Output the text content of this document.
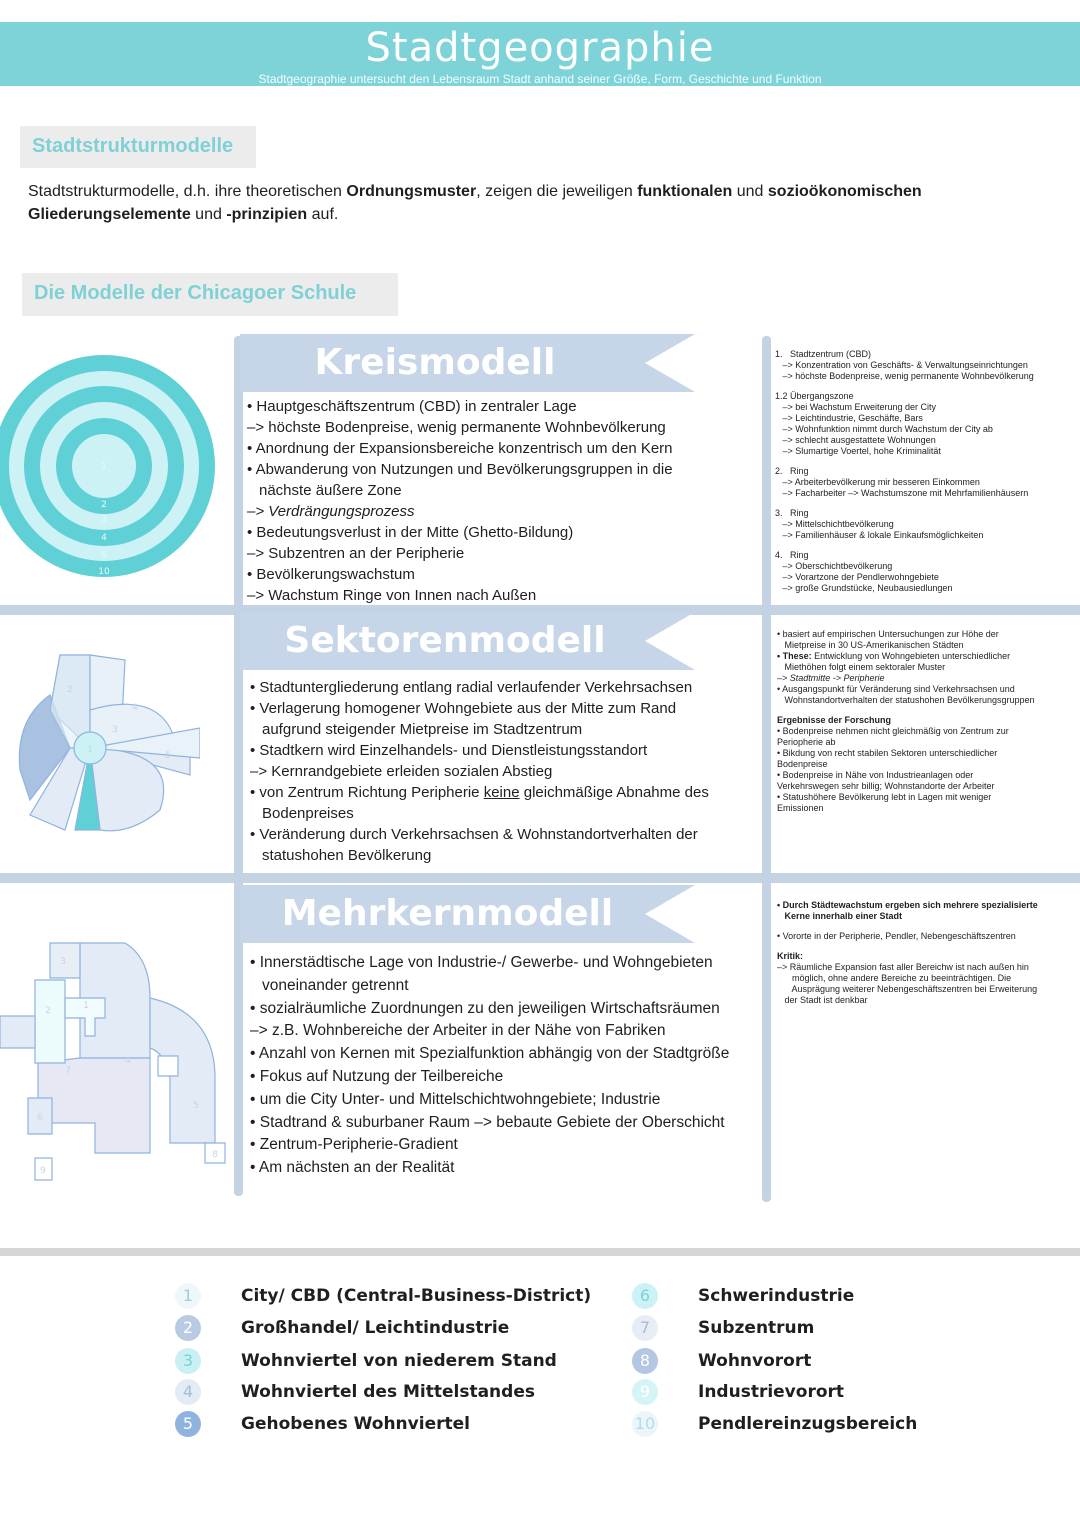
Stadtgeographie
Stadtgeographie untersucht den Lebensraum Stadt anhand seiner Größe, Form, Geschichte und Funktion
Stadtstrukturmodelle
Stadtstrukturmodelle, d.h. ihre theoretischen Ordnungsmuster, zeigen die jeweiligen funktionalen und sozioökonomischen Gliederungselemente und -prinzipien auf.
Die Modelle der Chicagoer Schule
1
2
3
4
5
10
Kreismodell
• Hauptgeschäftszentrum (CBD) in zentraler Lage
–> höchste Bodenpreise, wenig permanente Wohnbevölkerung
• Anordnung der Expansionsbereiche konzentrisch um den Kern
• Abwanderung von Nutzungen und Bevölkerungsgruppen in die
nächste äußere Zone
–> Verdrängungsprozess
• Bedeutungsverlust in der Mitte (Ghetto-Bildung)
–> Subzentren an der Peripherie
• Bevölkerungswachstum
–> Wachstum Ringe von Innen nach Außen
1.   Stadtzentrum (CBD)
–> Konzentration von Geschäfts- & Verwaltungseinrichtungen
–> höchste Bodenpreise, wenig permanente Wohnbevölkerung
1.2 Übergangszone
–> bei Wachstum Erweiterung der City
–> Leichtindustrie, Geschäfte, Bars
–> Wohnfunktion nimmt durch Wachstum der City ab
–> schlecht ausgestattete Wohnungen
–> Slumartige Voertel, hohe Kriminalität
2.   Ring
–> Arbeiterbevölkerung mir besseren Einkommen
–> Facharbeiter –> Wachstumszone mit Mehrfamilienhäusern
3.   Ring
–> Mittelschichtbevölkerung
–> Familienhäuser & lokale Einkaufsmöglichkeiten
4.   Ring
–> Oberschichtbevölkerung
–> Vorartzone der Pendlerwohngebiete
–> große Grundstücke, Neubausiedlungen
1
2
3
4
5
Sektorenmodell
• Stadtuntergliederung entlang radial verlaufender Verkehrsachsen
• Verlagerung homogener Wohngebiete aus der Mitte zum Rand
aufgrund steigender Mietpreise im Stadtzentrum
• Stadtkern wird Einzelhandels- und Dienstleistungsstandort
–> Kernrandgebiete erleiden sozialen Abstieg
• von Zentrum Richtung Peripherie keine gleichmäßige Abnahme des
Bodenpreises
• Veränderung durch Verkehrsachsen & Wohnstandortverhalten der
statushohen Bevölkerung
• basiert auf empirischen Untersuchungen zur Höhe der
Mietpreise in 30 US-Amerikanischen Städten
• These: Entwicklung von Wohngebieten unterschiedlicher
Miethöhen folgt einem sektoraler Muster
–> Stadtmitte -> Peripherie
• Ausgangspunkt für Veränderung sind Verkehrsachsen und
Wohnstandortverhalten der statushohen Bevölkerungsgruppen
Ergebnisse der Forschung
• Bodenpreise nehmen nicht gleichmäßig von Zentrum zur
Periopherie ab
• Bikdung von recht stabilen Sektoren unterschiedlicher
Bodenpreise
• Bodenpreise in Nähe von Industrieanlagen oder
Verkehrswegen sehr billig; Wohnstandorte der Arbeiter
• Statushöhere Bevölkerung lebt in Lagen mit weniger
Emissionen
1
2
3
4
5
6
7
8
9
Mehrkernmodell
• Innerstädtische Lage von Industrie-/ Gewerbe- und Wohngebieten
voneinander getrennt
• sozialräumliche Zuordnungen zu den jeweiligen Wirtschaftsräumen
–> z.B. Wohnbereiche der Arbeiter in der Nähe von Fabriken
• Anzahl von Kernen mit Spezialfunktion abhängig von der Stadtgröße
• Fokus auf Nutzung der Teilbereiche
• um die City Unter- und Mittelschichtwohngebiete; Industrie
• Stadtrand & suburbaner Raum –> bebaute Gebiete der Oberschicht
• Zentrum-Peripherie-Gradient
• Am nächsten an der Realität
• Durch Städtewachstum ergeben sich mehrere spezialisierte
Kerne innerhalb einer Stadt
• Vororte in der Peripherie, Pendler, Nebengeschäftszentren
Kritik:
–> Räumliche Expansion fast aller Bereichw ist nach außen hin
möglich, ohne andere Bereiche zu beeinträchtigen. Die
Ausprägung weiterer Nebengeschäftszentren bei Erweiterung
der Stadt ist denkbar
1	City/ CBD (Central-Business-District)
2	Großhandel/ Leichtindustrie
3	Wohnviertel von niederem Stand
4	Wohnviertel des Mittelstandes
5	Gehobenes Wohnviertel
6	Schwerindustrie
7	Subzentrum
8	Wohnvorort
9	Industrievorort
10	Pendlereinzugsbereich
